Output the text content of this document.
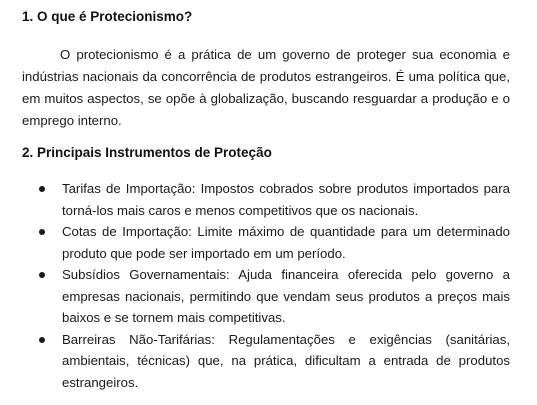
1. O que é Protecionismo?

O protecionismo é a prática de um governo de proteger sua economia e indústrias nacionais da concorrência de produtos estrangeiros. É uma política que, em muitos aspectos, se opõe à globalização, buscando resguardar a produção e o emprego interno.

2. Principais Instrumentos de Proteção
Tarifas de Importação: Impostos cobrados sobre produtos importados para torná-los mais caros e menos competitivos que os nacionais.
Cotas de Importação: Limite máximo de quantidade para um determinado produto que pode ser importado em um período.
Subsídios Governamentais: Ajuda financeira oferecida pelo governo a empresas nacionais, permitindo que vendam seus produtos a preços mais baixos e se tornem mais competitivas.
Barreiras Não-Tarifárias: Regulamentações e exigências (sanitárias, ambientais, técnicas) que, na prática, dificultam a entrada de produtos estrangeiros.
